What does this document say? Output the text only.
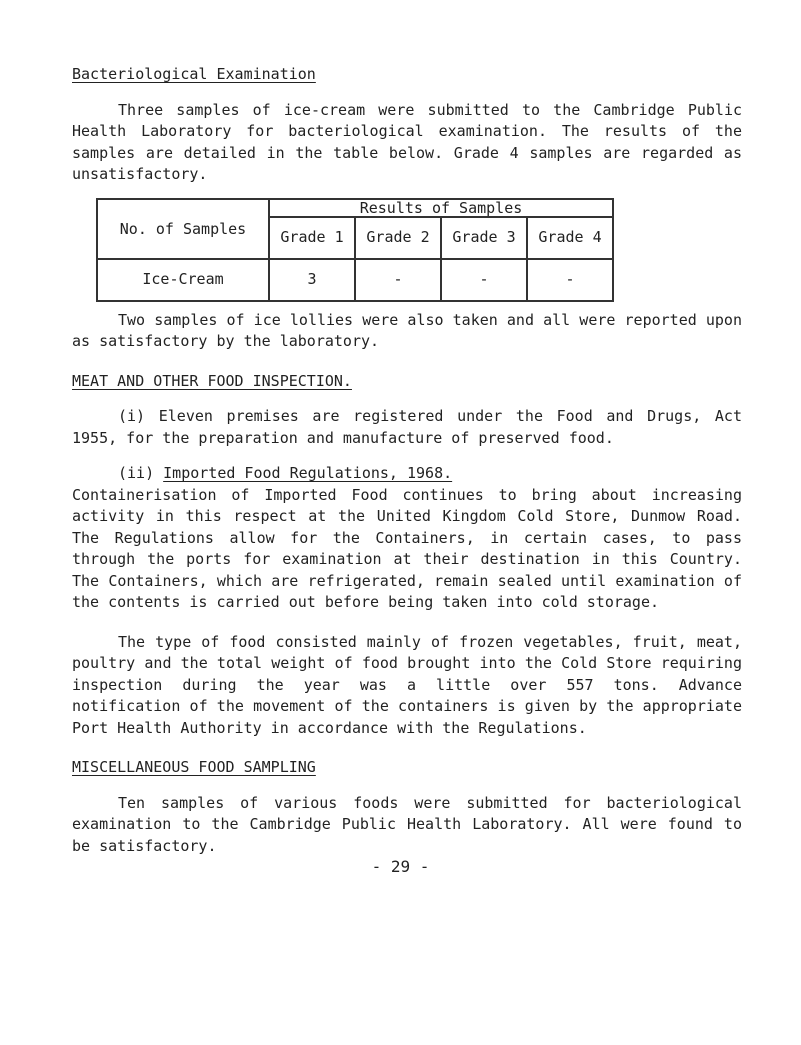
Bacteriological Examination

Three samples of ice-cream were submitted to the Cambridge Public Health Laboratory for bacteriological examination. The results of the samples are detailed in the table below. Grade 4 samples are regarded as unsatisfactory.

No. of Samples	Results of Samples			
	Grade 1	Grade 2	Grade 3	Grade 4
Ice-Cream	3	-	-	-

Two samples of ice lollies were also taken and all were reported upon as satisfactory by the laboratory.

MEAT AND OTHER FOOD INSPECTION.

(i) Eleven premises are registered under the Food and Drugs, Act 1955, for the preparation and manufacture of preserved food.

(ii) Imported Food Regulations, 1968.

Containerisation of Imported Food continues to bring about increasing activity in this respect at the United Kingdom Cold Store, Dunmow Road. The Regulations allow for the Containers, in certain cases, to pass through the ports for examination at their destination in this Country. The Containers, which are refrigerated, remain sealed until examination of the contents is carried out before being taken into cold storage.

The type of food consisted mainly of frozen vegetables, fruit, meat, poultry and the total weight of food brought into the Cold Store requiring inspection during the year was a little over 557 tons. Advance notification of the movement of the containers is given by the appropriate Port Health Authority in accordance with the Regulations.

MISCELLANEOUS FOOD SAMPLING

Ten samples of various foods were submitted for bacteriological examination to the Cambridge Public Health Laboratory. All were found to be satisfactory.

- 29 -
